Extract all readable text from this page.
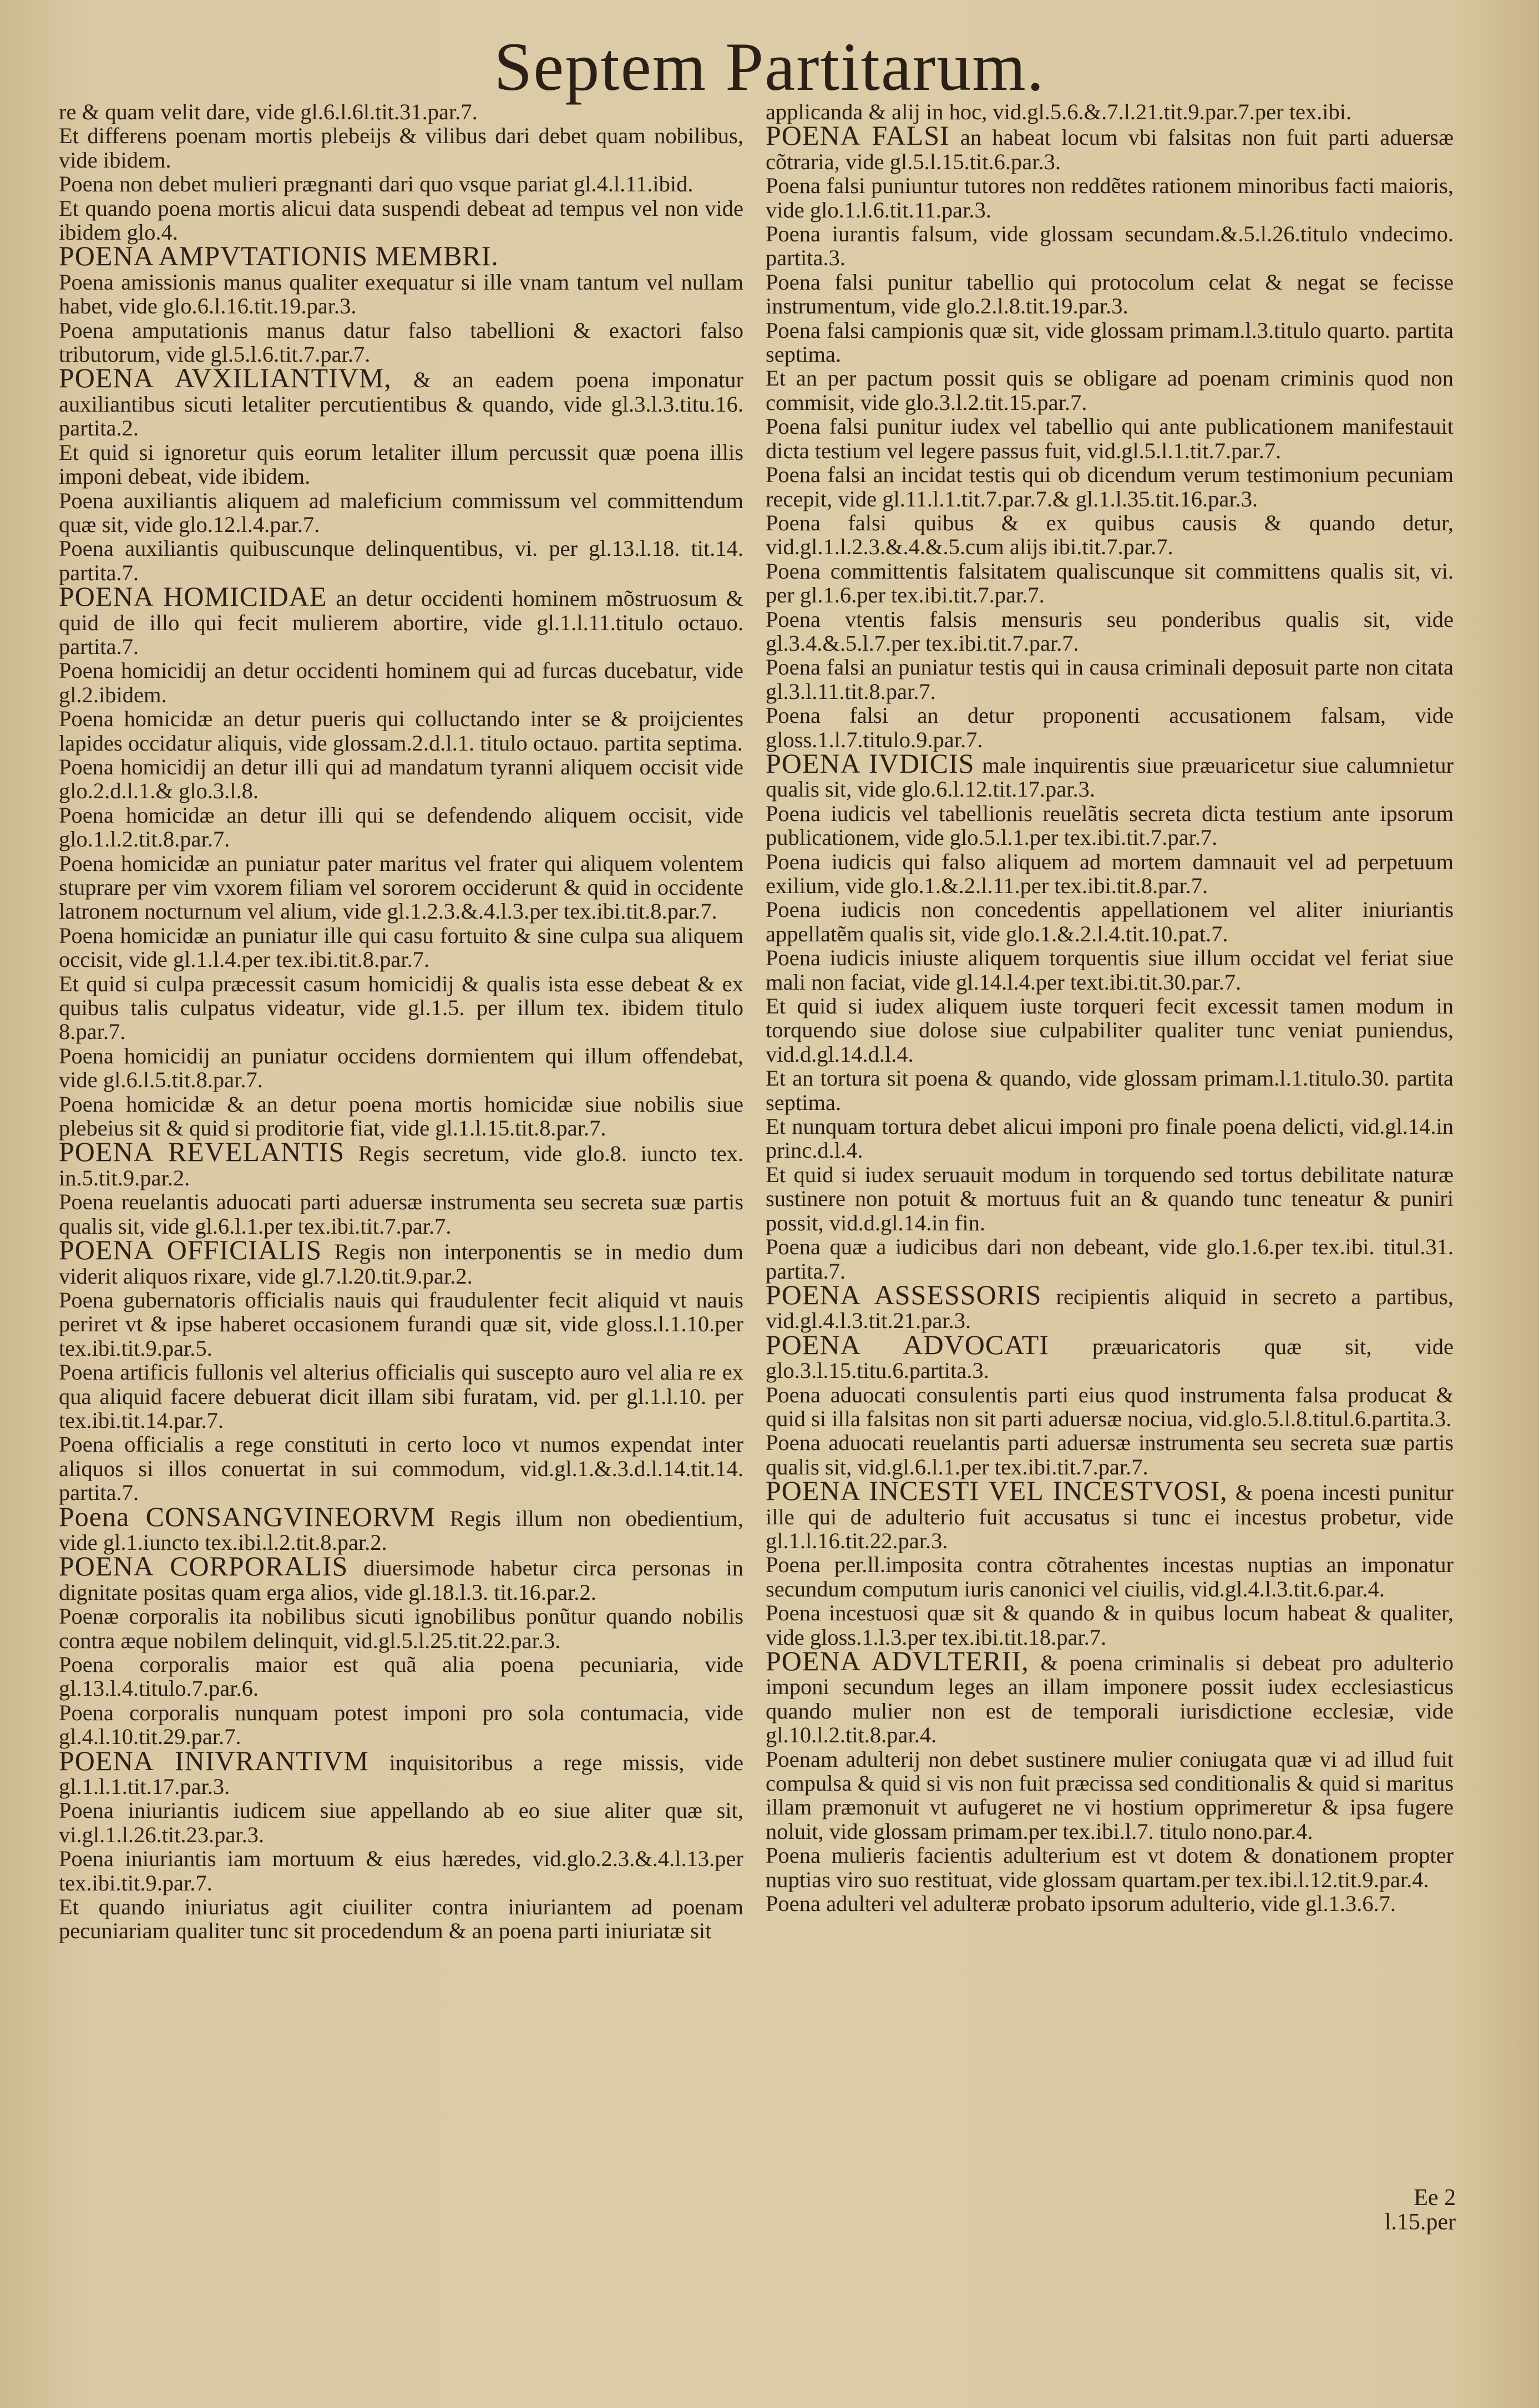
Septem Partitarum.
re & quam velit dare, vide gl.6.l.6l.tit.31.par.7.
Et differens poenam mortis plebeijs & vilibus dari debet quam nobilibus, vide ibidem.
Poena non debet mulieri prægnanti dari quo vsque pariat gl.4.l.11.ibid.
Et quando poena mortis alicui data suspendi debeat ad tempus vel non vide ibidem glo.4.
POENA AMPVTATIONIS MEMBRI.
Poena amissionis manus qualiter exequatur si ille vnam tantum vel nullam habet, vide glo.6.l.16.tit.19.par.3.
Poena amputationis manus datur falso tabellioni & exactori falso tributorum, vide gl.5.l.6.tit.7.par.7.
POENA AVXILIANTIVM, & an eadem poena imponatur auxiliantibus sicuti letaliter percutientibus & quando, vide gl.3.l.3.titu.16. partita.2.
Et quid si ignoretur quis eorum letaliter illum percussit quæ poena illis imponi debeat, vide ibidem.
Poena auxiliantis aliquem ad maleficium commissum vel committendum quæ sit, vide glo.12.l.4.par.7.
Poena auxiliantis quibuscunque delinquentibus, vi. per gl.13.l.18. tit.14. partita.7.
POENA HOMICIDAE an detur occidenti hominem mõstruosum & quid de illo qui fecit mulierem abortire, vide gl.1.l.11.titulo octauo. partita.7.
Poena homicidij an detur occidenti hominem qui ad furcas ducebatur, vide gl.2.ibidem.
Poena homicidæ an detur pueris qui colluctando inter se & proijcientes lapides occidatur aliquis, vide glossam.2.d.l.1. titulo octauo. partita septima.
Poena homicidij an detur illi qui ad mandatum tyranni aliquem occisit vide glo.2.d.l.1.& glo.3.l.8.
Poena homicidæ an detur illi qui se defendendo aliquem occisit, vide glo.1.l.2.tit.8.par.7.
Poena homicidæ an puniatur pater maritus vel frater qui aliquem volentem stuprare per vim vxorem filiam vel sororem occiderunt & quid in occidente latronem nocturnum vel alium, vide gl.1.2.3.&.4.l.3.per tex.ibi.tit.8.par.7.
Poena homicidæ an puniatur ille qui casu fortuito & sine culpa sua aliquem occisit, vide gl.1.l.4.per tex.ibi.tit.8.par.7.
Et quid si culpa præcessit casum homicidij & qualis ista esse debeat & ex quibus talis culpatus videatur, vide gl.1.5. per illum tex. ibidem titulo 8.par.7.
Poena homicidij an puniatur occidens dormientem qui illum offendebat, vide gl.6.l.5.tit.8.par.7.
Poena homicidæ & an detur poena mortis homicidæ siue nobilis siue plebeius sit & quid si proditorie fiat, vide gl.1.l.15.tit.8.par.7.
POENA REVELANTIS Regis secretum, vide glo.8. iuncto tex. in.5.tit.9.par.2.
Poena reuelantis aduocati parti aduersæ instrumenta seu secreta suæ partis qualis sit, vide gl.6.l.1.per tex.ibi.tit.7.par.7.
POENA OFFICIALIS Regis non interponentis se in medio dum viderit aliquos rixare, vide gl.7.l.20.tit.9.par.2.
Poena gubernatoris officialis nauis qui fraudulenter fecit aliquid vt nauis periret vt & ipse haberet occasionem furandi quæ sit, vide gloss.l.1.10.per tex.ibi.tit.9.par.5.
Poena artificis fullonis vel alterius officialis qui suscepto auro vel alia re ex qua aliquid facere debuerat dicit illam sibi furatam, vid. per gl.1.l.10. per tex.ibi.tit.14.par.7.
Poena officialis a rege constituti in certo loco vt numos expendat inter aliquos si illos conuertat in sui commodum, vid.gl.1.&.3.d.l.14.tit.14. partita.7.
Poena CONSANGVINEORVM Regis illum non obedientium, vide gl.1.iuncto tex.ibi.l.2.tit.8.par.2.
POENA CORPORALIS diuersimode habetur circa personas in dignitate positas quam erga alios, vide gl.18.l.3. tit.16.par.2.
Poenæ corporalis ita nobilibus sicuti ignobilibus ponũtur quando nobilis contra æque nobilem delinquit, vid.gl.5.l.25.tit.22.par.3.
Poena corporalis maior est quã alia poena pecuniaria, vide gl.13.l.4.titulo.7.par.6.
Poena corporalis nunquam potest imponi pro sola contumacia, vide gl.4.l.10.tit.29.par.7.
POENA INIVRANTIVM inquisitoribus a rege missis, vide gl.1.l.1.tit.17.par.3.
Poena iniuriantis iudicem siue appellando ab eo siue aliter quæ sit, vi.gl.1.l.26.tit.23.par.3.
Poena iniuriantis iam mortuum & eius hæredes, vid.glo.2.3.&.4.l.13.per tex.ibi.tit.9.par.7.
Et quando iniuriatus agit ciuiliter contra iniuriantem ad poenam pecuniariam qualiter tunc sit procedendum & an poena parti iniuriatæ sit
applicanda & alij in hoc, vid.gl.5.6.&.7.l.21.tit.9.par.7.per tex.ibi.
POENA FALSI an habeat locum vbi falsitas non fuit parti aduersæ cõtraria, vide gl.5.l.15.tit.6.par.3.
Poena falsi puniuntur tutores non reddẽtes rationem minoribus facti maioris, vide glo.1.l.6.tit.11.par.3.
Poena iurantis falsum, vide glossam secundam.&.5.l.26.titulo vndecimo. partita.3.
Poena falsi punitur tabellio qui protocolum celat & negat se fecisse instrumentum, vide glo.2.l.8.tit.19.par.3.
Poena falsi campionis quæ sit, vide glossam primam.l.3.titulo quarto. partita septima.
Et an per pactum possit quis se obligare ad poenam criminis quod non commisit, vide glo.3.l.2.tit.15.par.7.
Poena falsi punitur iudex vel tabellio qui ante publicationem manifestauit dicta testium vel legere passus fuit, vid.gl.5.l.1.tit.7.par.7.
Poena falsi an incidat testis qui ob dicendum verum testimonium pecuniam recepit, vide gl.11.l.1.tit.7.par.7.& gl.1.l.35.tit.16.par.3.
Poena falsi quibus & ex quibus causis & quando detur, vid.gl.1.l.2.3.&.4.&.5.cum alijs ibi.tit.7.par.7.
Poena committentis falsitatem qualiscunque sit committens qualis sit, vi. per gl.1.6.per tex.ibi.tit.7.par.7.
Poena vtentis falsis mensuris seu ponderibus qualis sit, vide gl.3.4.&.5.l.7.per tex.ibi.tit.7.par.7.
Poena falsi an puniatur testis qui in causa criminali deposuit parte non citata gl.3.l.11.tit.8.par.7.
Poena falsi an detur proponenti accusationem falsam, vide gloss.1.l.7.titulo.9.par.7.
POENA IVDICIS male inquirentis siue præuaricetur siue calumnietur qualis sit, vide glo.6.l.12.tit.17.par.3.
Poena iudicis vel tabellionis reuelãtis secreta dicta testium ante ipsorum publicationem, vide glo.5.l.1.per tex.ibi.tit.7.par.7.
Poena iudicis qui falso aliquem ad mortem damnauit vel ad perpetuum exilium, vide glo.1.&.2.l.11.per tex.ibi.tit.8.par.7.
Poena iudicis non concedentis appellationem vel aliter iniuriantis appellatẽm qualis sit, vide glo.1.&.2.l.4.tit.10.pat.7.
Poena iudicis iniuste aliquem torquentis siue illum occidat vel feriat siue mali non faciat, vide gl.14.l.4.per text.ibi.tit.30.par.7.
Et quid si iudex aliquem iuste torqueri fecit excessit tamen modum in torquendo siue dolose siue culpabiliter qualiter tunc veniat puniendus, vid.d.gl.14.d.l.4.
Et an tortura sit poena & quando, vide glossam primam.l.1.titulo.30. partita septima.
Et nunquam tortura debet alicui imponi pro finale poena delicti, vid.gl.14.in princ.d.l.4.
Et quid si iudex seruauit modum in torquendo sed tortus debilitate naturæ sustinere non potuit & mortuus fuit an & quando tunc teneatur & puniri possit, vid.d.gl.14.in fin.
Poena quæ a iudicibus dari non debeant, vide glo.1.6.per tex.ibi. titul.31. partita.7.
POENA ASSESSORIS recipientis aliquid in secreto a partibus, vid.gl.4.l.3.tit.21.par.3.
POENA ADVOCATI præuaricatoris quæ sit, vide glo.3.l.15.titu.6.partita.3.
Poena aduocati consulentis parti eius quod instrumenta falsa producat & quid si illa falsitas non sit parti aduersæ nociua, vid.glo.5.l.8.titul.6.partita.3.
Poena aduocati reuelantis parti aduersæ instrumenta seu secreta suæ partis qualis sit, vid.gl.6.l.1.per tex.ibi.tit.7.par.7.
POENA INCESTI VEL INCESTVOSI, & poena incesti punitur ille qui de adulterio fuit accusatus si tunc ei incestus probetur, vide gl.1.l.16.tit.22.par.3.
Poena per.ll.imposita contra cõtrahentes incestas nuptias an imponatur secundum computum iuris canonici vel ciuilis, vid.gl.4.l.3.tit.6.par.4.
Poena incestuosi quæ sit & quando & in quibus locum habeat & qualiter, vide gloss.1.l.3.per tex.ibi.tit.18.par.7.
POENA ADVLTERII, & poena criminalis si debeat pro adulterio imponi secundum leges an illam imponere possit iudex ecclesiasticus quando mulier non est de temporali iurisdictione ecclesiæ, vide gl.10.l.2.tit.8.par.4.
Poenam adulterij non debet sustinere mulier coniugata quæ vi ad illud fuit compulsa & quid si vis non fuit præcissa sed conditionalis & quid si maritus illam præmonuit vt aufugeret ne vi hostium opprimeretur & ipsa fugere noluit, vide glossam primam.per tex.ibi.l.7. titulo nono.par.4.
Poena mulieris facientis adulterium est vt dotem & donationem propter nuptias viro suo restituat, vide glossam quartam.per tex.ibi.l.12.tit.9.par.4.
Poena adulteri vel adulteræ probato ipsorum adulterio, vide gl.1.3.6.7.
Ee 2
l.15.per
